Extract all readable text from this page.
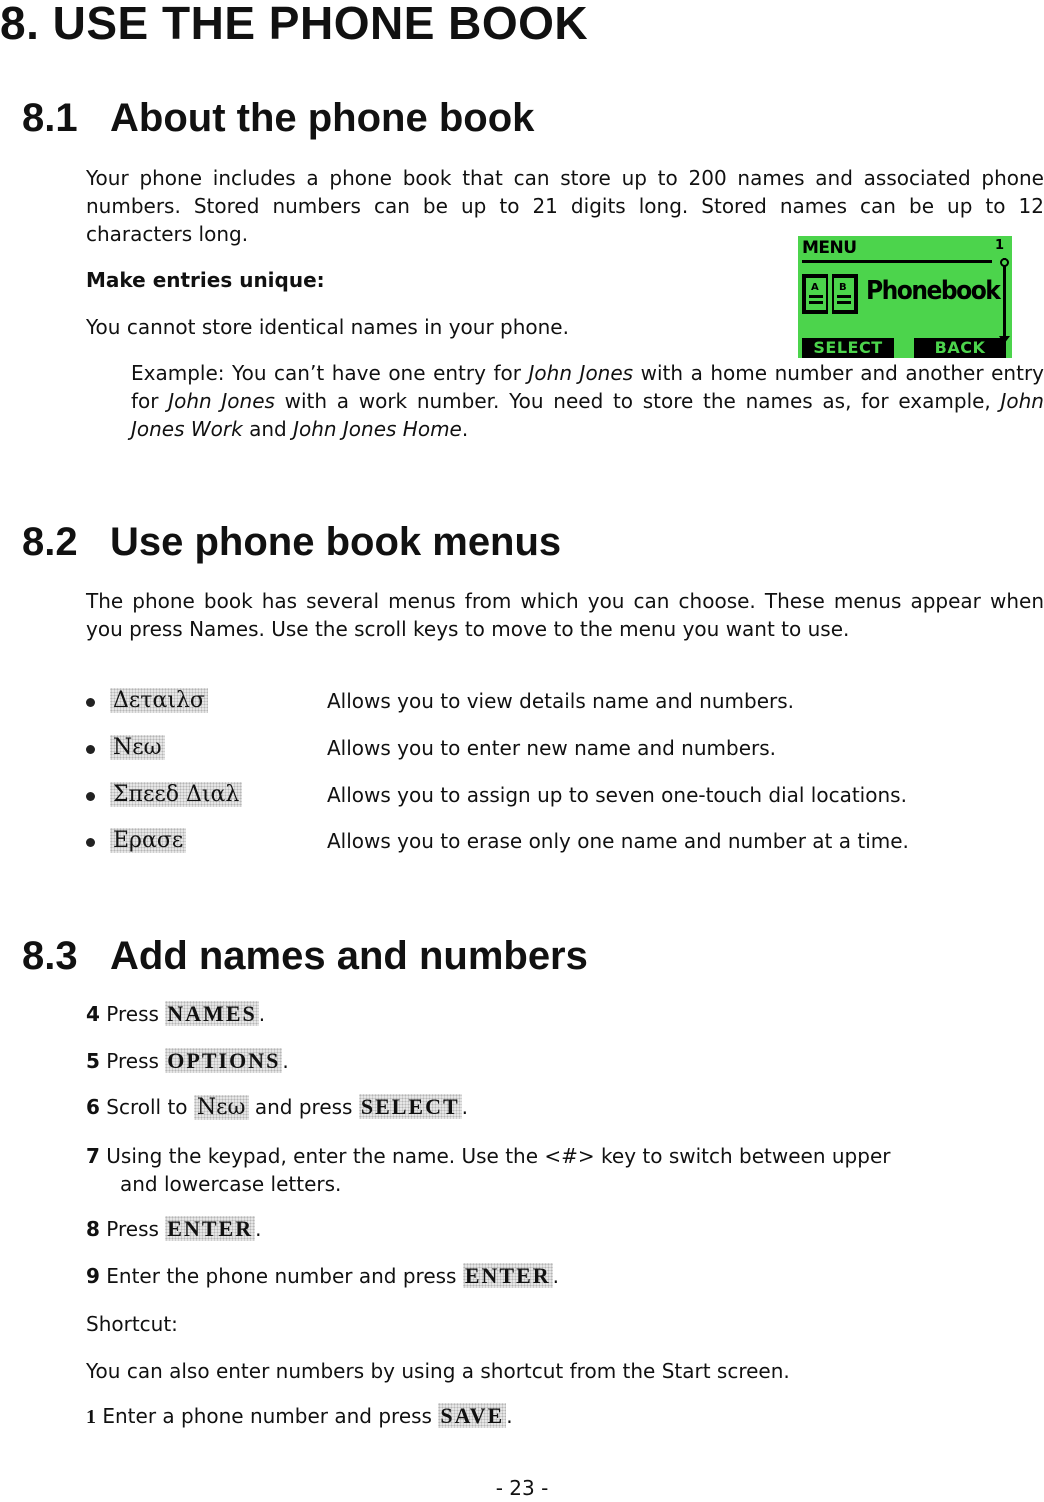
8. USE THE PHONE BOOK
8.1 About the phone book
Your phone includes a phone book that can store up to 200 names and associated phone numbers. Stored numbers can be up to 21 digits long. Stored names can be up to 12 characters long.
Make entries unique:
You cannot store identical names in your phone.
Example: You can’t have one entry for John Jones with a home number and another entry for John Jones with a work number. You need to store the names as, for example, John Jones Work and John Jones Home.
MENU	1
A B Phonebook
SELECT	BACK
8.2 Use phone book menus
The phone book has several menus from which you can choose. These menus appear when you press Names. Use the scroll keys to move to the menu you want to use.
Δεταιλσ	Allows you to view details name and numbers.
Νεω	Allows you to enter new name and numbers.
Σπεεδ Διαλ	Allows you to assign up to seven one-touch dial locations.
Ερασε	Allows you to erase only one name and number at a time.
8.3 Add names and numbers
4 Press NAMES .
5 Press OPTIONS .
6 Scroll to Νεω and press SELECT .
7 Using the keypad, enter the name. Use the <#> key to switch between upper
and lowercase letters.
8 Press ENTER .
9 Enter the phone number and press ENTER .
Shortcut:
You can also enter numbers by using a shortcut from the Start screen.
1 Enter a phone number and press SAVE .
- 23 -
